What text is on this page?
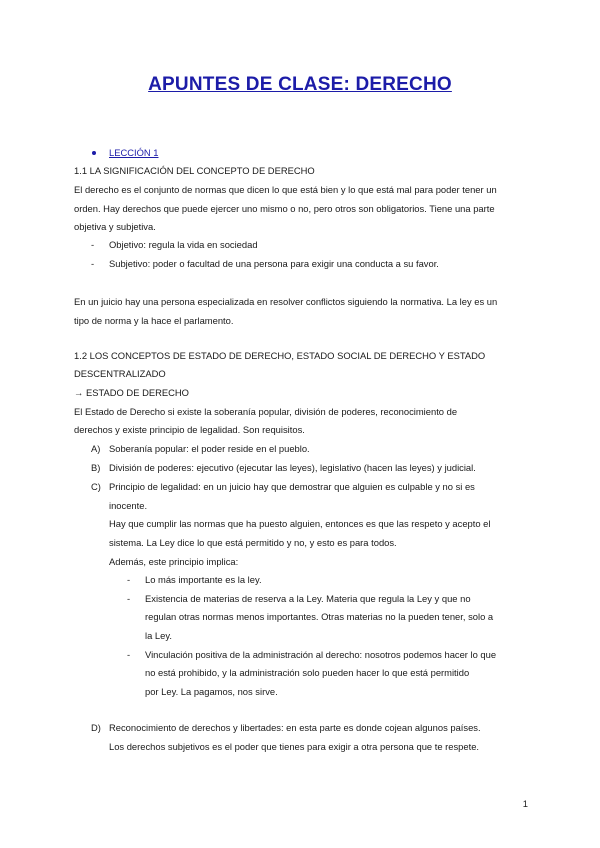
APUNTES DE CLASE: DERECHO
LECCIÓN 1
1.1 LA SIGNIFICACIÓN DEL CONCEPTO DE DERECHO
El derecho es el conjunto de normas que dicen lo que está bien y lo que está mal para poder tener un
orden. Hay derechos que puede ejercer uno mismo o no, pero otros son obligatorios. Tiene una parte
objetiva y subjetiva.
- Objetivo: regula la vida en sociedad
- Subjetivo: poder o facultad de una persona para exigir una conducta a su favor.
En un juicio hay una persona especializada en resolver conflictos siguiendo la normativa. La ley es un
tipo de norma y la hace el parlamento.
1.2 LOS CONCEPTOS DE ESTADO DE DERECHO, ESTADO SOCIAL DE DERECHO Y ESTADO
DESCENTRALIZADO
→ ESTADO DE DERECHO
El Estado de Derecho si existe la soberanía popular, división de poderes, reconocimiento de
derechos y existe principio de legalidad. Son requisitos.
A) Soberanía popular: el poder reside en el pueblo.
B) División de poderes: ejecutivo (ejecutar las leyes), legislativo (hacen las leyes) y judicial.
C) Principio de legalidad: en un juicio hay que demostrar que alguien es culpable y no si es
inocente.
Hay que cumplir las normas que ha puesto alguien, entonces es que las respeto y acepto el
sistema. La Ley dice lo que está permitido y no, y esto es para todos.
Además, este principio implica:
- Lo más importante es la ley.
- Existencia de materias de reserva a la Ley. Materia que regula la Ley y que no
regulan otras normas menos importantes. Otras materias no la pueden tener, solo a
la Ley.
- Vinculación positiva de la administración al derecho: nosotros podemos hacer lo que
no está prohibido, y la administración solo pueden hacer lo que está permitido
por Ley. La pagamos, nos sirve.
D) Reconocimiento de derechos y libertades: en esta parte es donde cojean algunos países.
Los derechos subjetivos es el poder que tienes para exigir a otra persona que te respete.
1
